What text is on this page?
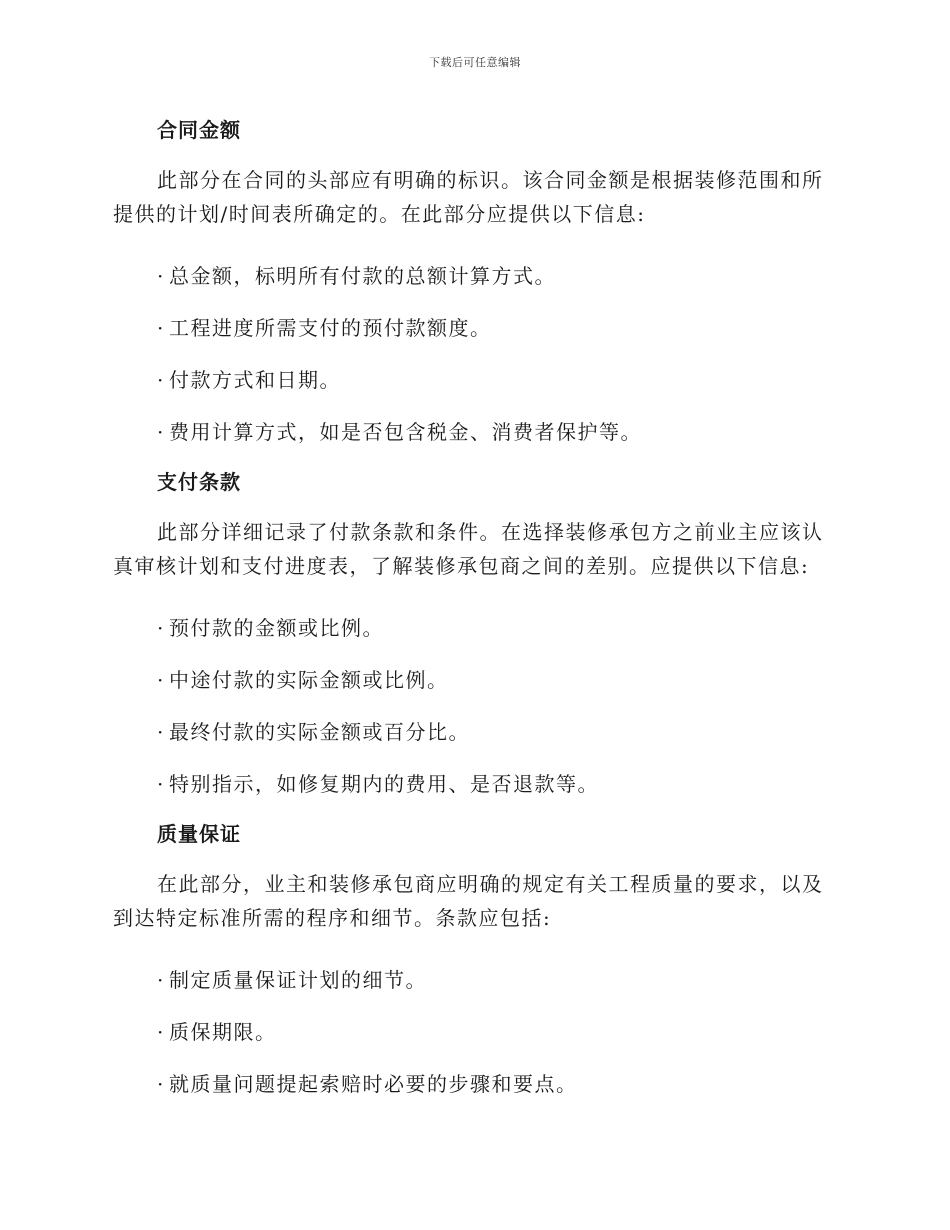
下载后可任意编辑
合同金额

此部分在合同的头部应有明确的标识。该合同金额是根据装修范围和所提供的计划/时间表所确定的。在此部分应提供以下信息:

· 总金额，标明所有付款的总额计算方式。
· 工程进度所需支付的预付款额度。
· 付款方式和日期。
· 费用计算方式，如是否包含税金、消费者保护等。
支付条款

此部分详细记录了付款条款和条件。在选择装修承包方之前业主应该认真审核计划和支付进度表，了解装修承包商之间的差别。应提供以下信息:

· 预付款的金额或比例。
· 中途付款的实际金额或比例。
· 最终付款的实际金额或百分比。
· 特别指示，如修复期内的费用、是否退款等。
质量保证

在此部分，业主和装修承包商应明确的规定有关工程质量的要求，以及到达特定标准所需的程序和细节。条款应包括:

· 制定质量保证计划的细节。
· 质保期限。
· 就质量问题提起索赔时必要的步骤和要点。
